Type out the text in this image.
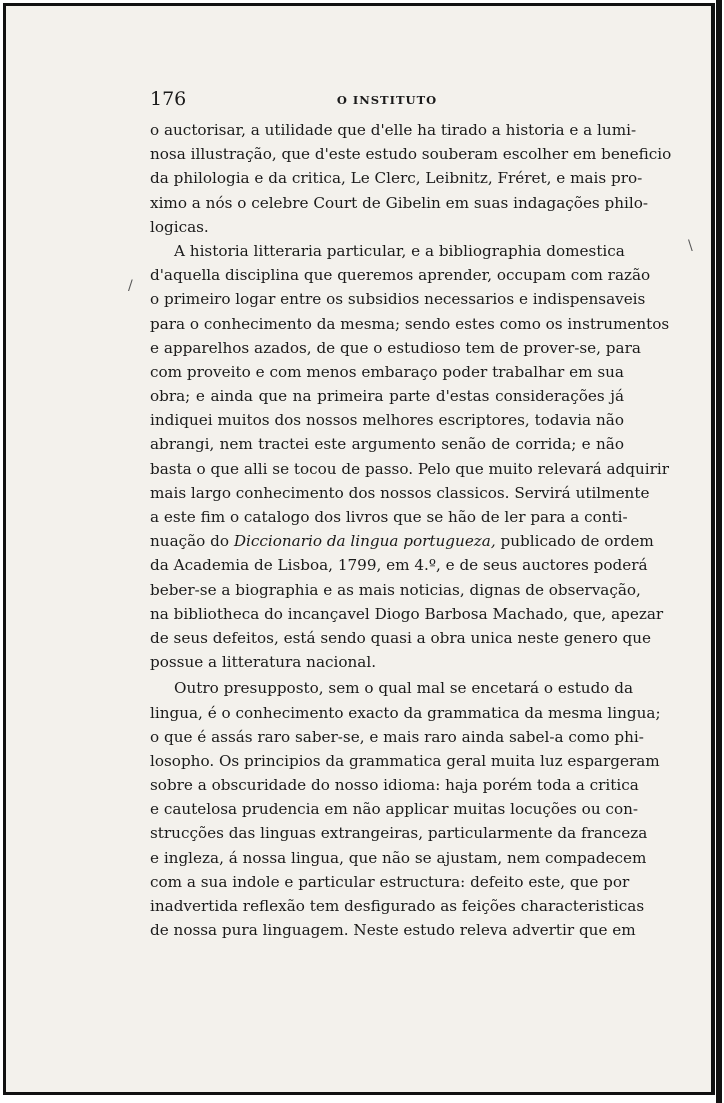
176	O INSTITUTO
\
/
o auctorisar, a utilidade que d'elle ha tirado a historia e a lumi-
nosa illustração, que d'este estudo souberam escolher em beneficio
da philologia e da critica, Le Clerc, Leibnitz, Fréret, e mais pro-
ximo a nós o celebre Court de Gibelin em suas indagações philo-
logicas.
A historia litteraria particular, e a bibliographia domestica
d'aquella disciplina que queremos aprender, occupam com razão
o primeiro logar entre os subsidios necessarios e indispensaveis
para o conhecimento da mesma; sendo estes como os instrumentos
e apparelhos azados, de que o estudioso tem de prover-se, para
com proveito e com menos embaraço poder trabalhar em sua
obra; e ainda que na primeira parte d'estas considerações já
indiquei muitos dos nossos melhores escriptores, todavia não
abrangi, nem tractei este argumento senão de corrida; e não
basta o que alli se tocou de passo. Pelo que muito relevará adquirir
mais largo conhecimento dos nossos classicos. Servirá utilmente
a este fim o catalogo dos livros que se hão de ler para a conti-
nuação do Diccionario da lingua portugueza, publicado de ordem
da Academia de Lisboa, 1799, em 4.º, e de seus auctores poderá
beber-se a biographia e as mais noticias, dignas de observação,
na bibliotheca do incançavel Diogo Barbosa Machado, que, apezar
de seus defeitos, está sendo quasi a obra unica neste genero que
possue a litteratura nacional.
Outro presupposto, sem o qual mal se encetará o estudo da
lingua, é o conhecimento exacto da grammatica da mesma lingua;
o que é assás raro saber-se, e mais raro ainda sabel-a como phi-
losopho. Os principios da grammatica geral muita luz espargeram
sobre a obscuridade do nosso idioma: haja porém toda a critica
e cautelosa prudencia em não applicar muitas locuções ou con-
strucções das linguas extrangeiras, particularmente da franceza
e ingleza, á nossa lingua, que não se ajustam, nem compadecem
com a sua indole e particular estructura: defeito este, que por
inadvertida reflexão tem desfigurado as feições characteristicas
de nossa pura linguagem. Neste estudo releva advertir que em
